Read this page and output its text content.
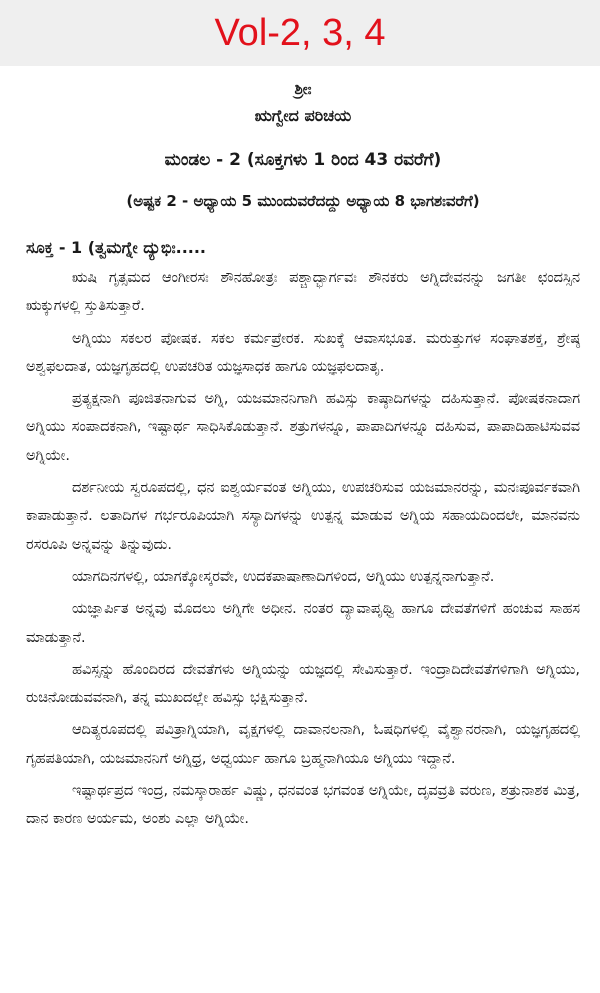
Vol-2, 3, 4
ಶ್ರೀಃ
ಋಗ್ವೇದ ಪರಿಚಯ
ಮಂಡಲ - 2 (ಸೂಕ್ತಗಳು 1 ರಿಂದ 43 ರವರೆಗೆ)
(ಅಷ್ಟಕ 2 - ಅಧ್ಯಾಯ 5 ಮುಂದುವರೆದದ್ದು ಅಧ್ಯಾಯ 8 ಭಾಗಶಃವರೆಗೆ)
ಸೂಕ್ತ - 1 (ತ್ವಮಗ್ನೇ ದ್ಯುಭಿಃ.....

ಋಷಿ ಗೃತ್ಸಮದ ಆಂಗೀರಸಃ ಶೌನಹೋತ್ರಃ ಪಶ್ಚಾದ್ಭಾರ್ಗವಃ ಶೌನಕರು ಅಗ್ನಿದೇವನನ್ನು ಜಗತೀ ಛಂದಸ್ಸಿನ ಋಕ್ಕುಗಳಲ್ಲಿ ಸ್ತುತಿಸುತ್ತಾರೆ.

ಅಗ್ನಿಯು ಸಕಲರ ಪೋಷಕ. ಸಕಲ ಕರ್ಮಪ್ರೇರಕ. ಸುಖಕ್ಕೆ ಆವಾಸಭೂತ. ಮರುತ್ತುಗಳ ಸಂಘಾತಶಕ್ತ, ಶ್ರೇಷ್ಠ ಅಶ್ವಫಲದಾತ, ಯಜ್ಞಗೃಹದಲ್ಲಿ ಉಪಚರಿತ ಯಜ್ಞಸಾಧಕ ಹಾಗೂ ಯಜ್ಞಫಲದಾತೃ.

ಪ್ರತ್ಯಕ್ಷನಾಗಿ ಪೂಜಿತನಾಗುವ ಅಗ್ನಿ, ಯಜಮಾನನಿಗಾಗಿ ಹವಿಸ್ಸು ಕಾಷ್ಠಾದಿಗಳನ್ನು ದಹಿಸುತ್ತಾನೆ. ಪೋಷಕನಾದಾಗ ಅಗ್ನಿಯು ಸಂಪಾದಕನಾಗಿ, ಇಷ್ಟಾರ್ಥ ಸಾಧಿಸಿಕೊಡುತ್ತಾನೆ. ಶತ್ರುಗಳನ್ನೂ, ಪಾಪಾದಿಗಳನ್ನೂ ದಹಿಸುವ, ಪಾಪಾದಿಹಾಟಿಸುವವ ಅಗ್ನಿಯೇ.

ದರ್ಶನೀಯ ಸ್ವರೂಪದಲ್ಲಿ, ಧನ ಐಶ್ವರ್ಯವಂತ ಅಗ್ನಿಯು, ಉಪಚರಿಸುವ ಯಜಮಾನರನ್ನು, ಮನಃಪೂರ್ವಕವಾಗಿ ಕಾಪಾಡುತ್ತಾನೆ. ಲತಾದಿಗಳ ಗರ್ಭರೂಪಿಯಾಗಿ ಸಸ್ಯಾದಿಗಳನ್ನು ಉತ್ಪನ್ನ ಮಾಡುವ ಅಗ್ನಿಯ ಸಹಾಯದಿಂದಲೇ, ಮಾನವನು ರಸರೂಪಿ ಅನ್ನವನ್ನು ತಿನ್ನುವುದು.

ಯಾಗದಿನಗಳಲ್ಲಿ, ಯಾಗಕ್ಕೋಸ್ಕರವೇ, ಉದಕಪಾಷಾಣಾದಿಗಳಿಂದ, ಅಗ್ನಿಯು ಉತ್ಪನ್ನನಾಗುತ್ತಾನೆ.

ಯಜ್ಞಾರ್ಪಿತ ಅನ್ನವು ಮೊದಲು ಅಗ್ನಿಗೇ ಅಧೀನ. ನಂತರ ದ್ಯಾವಾಪೃಥ್ವಿ ಹಾಗೂ ದೇವತೆಗಳಿಗೆ ಹಂಚುವ ಸಾಹಸ ಮಾಡುತ್ತಾನೆ.

ಹವಿಸ್ಸನ್ನು ಹೊಂದಿರದ ದೇವತೆಗಳು ಅಗ್ನಿಯನ್ನು ಯಜ್ಞದಲ್ಲಿ ಸೇವಿಸುತ್ತಾರೆ. ಇಂದ್ರಾದಿದೇವತೆಗಳಿಗಾಗಿ ಅಗ್ನಿಯು, ರುಚಿನೋಡುವವನಾಗಿ, ತನ್ನ ಮುಖದಲ್ಲೇ ಹವಿಸ್ಸು ಭಕ್ಷಿಸುತ್ತಾನೆ.

ಆದಿತ್ಯರೂಪದಲ್ಲಿ ಪವಿತ್ರಾಗ್ನಿಯಾಗಿ, ವೃಕ್ಷಗಳಲ್ಲಿ ದಾವಾನಲನಾಗಿ, ಓಷಧಿಗಳಲ್ಲಿ ವೈಶ್ವಾನರನಾಗಿ, ಯಜ್ಞಗೃಹದಲ್ಲಿ ಗೃಹಪತಿಯಾಗಿ, ಯಜಮಾನನಿಗೆ ಅಗ್ನಿಧ್ರ, ಅಧ್ವರ್ಯು ಹಾಗೂ ಬ್ರಹ್ಮನಾಗಿಯೂ ಅಗ್ನಿಯು ಇದ್ದಾನೆ.

ಇಷ್ಟಾರ್ಥಪ್ರದ ಇಂದ್ರ, ನಮಸ್ಕಾರಾರ್ಹ ವಿಷ್ಣು, ಧನವಂತ ಭಗವಂತ ಅಗ್ನಿಯೇ, ದೃವವ್ರತಿ ವರುಣ, ಶತ್ರುನಾಶಕ ಮಿತ್ರ, ದಾನ ಕಾರಣ ಅರ್ಯಮ, ಅಂಶು ಎಲ್ಲಾ ಅಗ್ನಿಯೇ.
